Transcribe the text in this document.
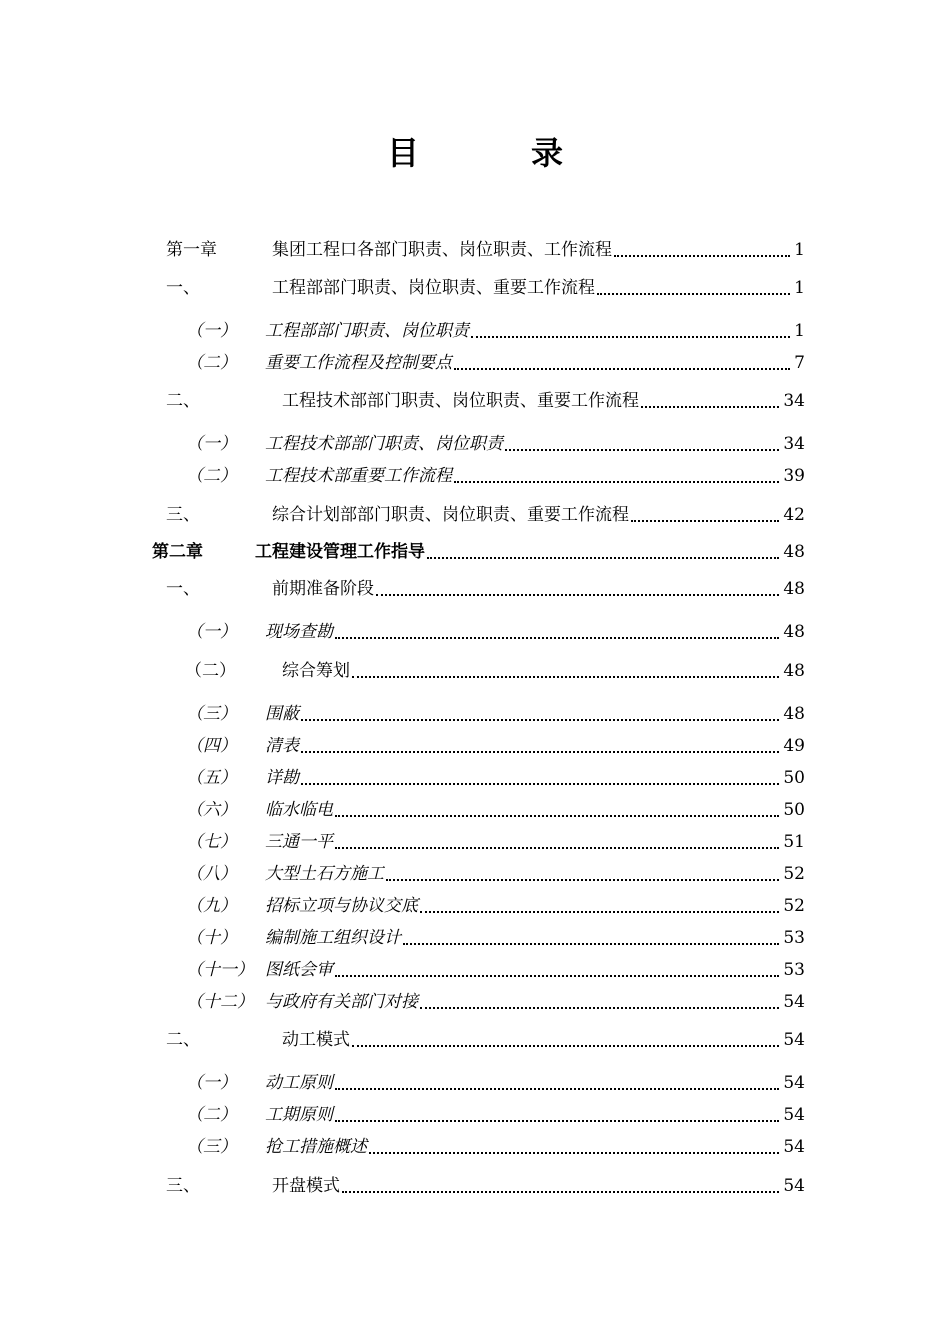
目　录
第一章	集团工程口各部门职责、岗位职责、工作流程	1
一、	工程部部门职责、岗位职责、重要工作流程	1
（一） 工程部部门职责、岗位职责	1
（二） 重要工作流程及控制要点	7
二、	工程技术部部门职责、岗位职责、重要工作流程	34
（一） 工程技术部部门职责、岗位职责	34
（二） 工程技术部重要工作流程	39
三、	综合计划部部门职责、岗位职责、重要工作流程	42
第二章	工程建设管理工作指导	48
一、	前期准备阶段	48
（一） 现场查勘	48
（二）	综合筹划	48
（三） 围蔽	48
（四） 清表	49
（五） 详勘	50
（六） 临水临电	50
（七） 三通一平	51
（八） 大型土石方施工	52
（九） 招标立项与协议交底	52
（十） 编制施工组织设计	53
（十一） 图纸会审	53
（十二） 与政府有关部门对接	54
二、	动工模式	54
（一） 动工原则	54
（二） 工期原则	54
（三） 抢工措施概述	54
三、	开盘模式	54
